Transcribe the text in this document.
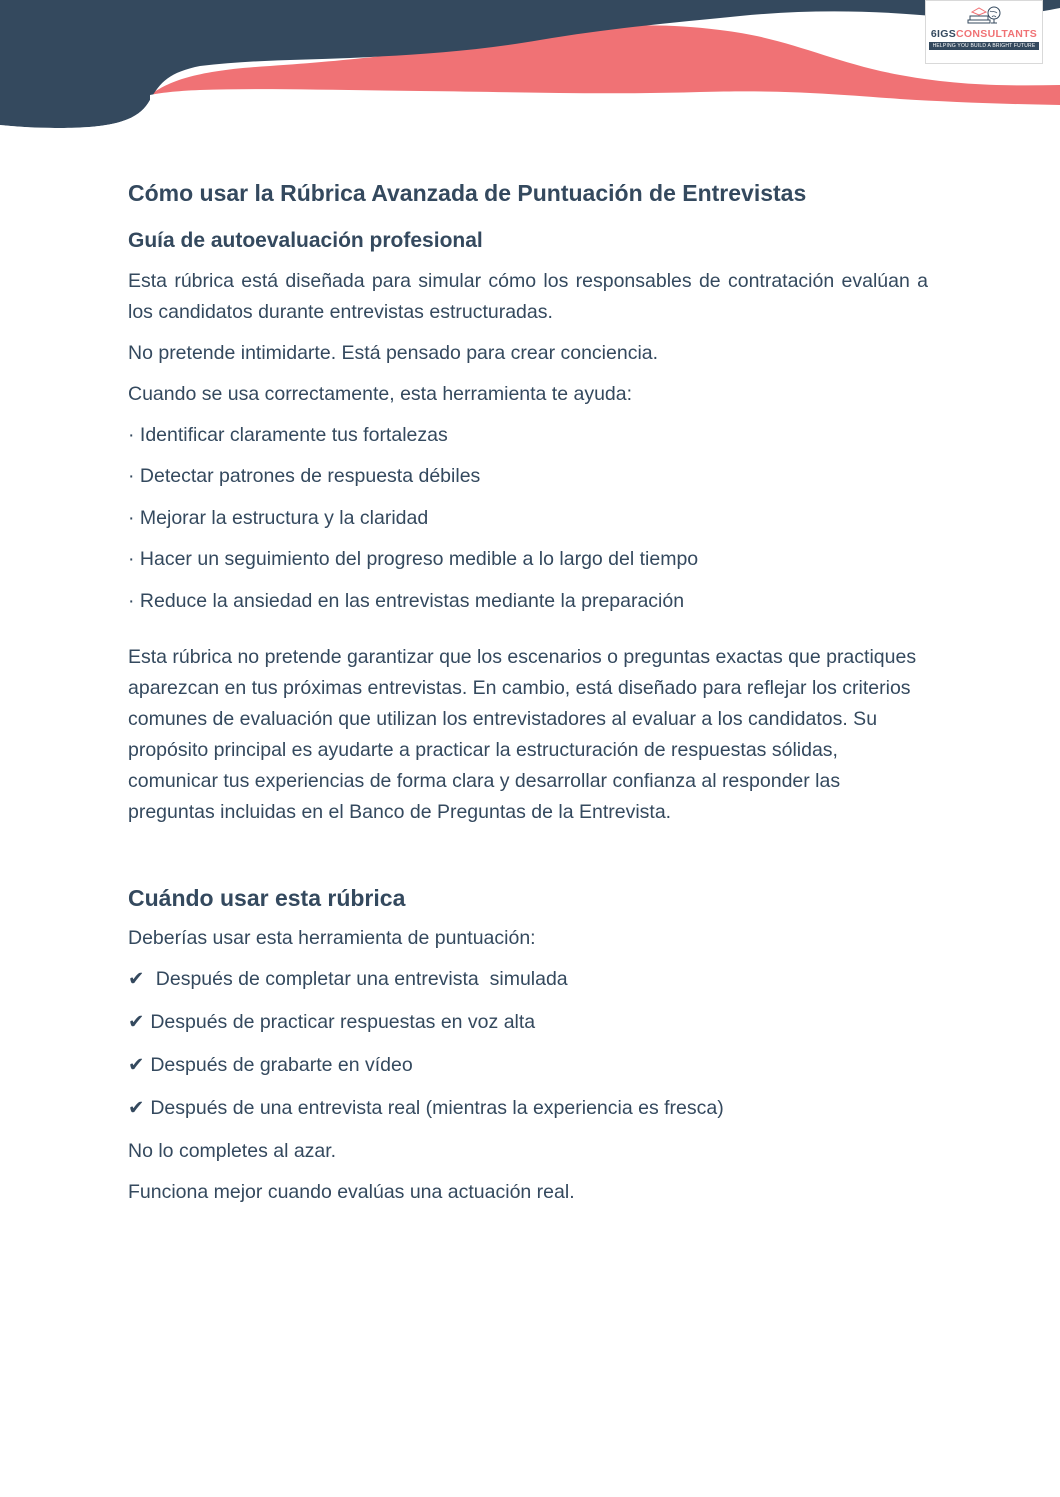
6IGSCONSULTANTS
HELPING YOU BUILD A BRIGHT FUTURE
Cómo usar la Rúbrica Avanzada de Puntuación de Entrevistas
Guía de autoevaluación profesional

Esta rúbrica está diseñada para simular cómo los responsables de contratación evalúan a los candidatos durante entrevistas estructuradas.

No pretende intimidarte. Está pensado para crear conciencia.

Cuando se usa correctamente, esta herramienta te ayuda:

· Identificar claramente tus fortalezas
· Detectar patrones de respuesta débiles
· Mejorar la estructura y la claridad
· Hacer un seguimiento del progreso medible a lo largo del tiempo
· Reduce la ansiedad en las entrevistas mediante la preparación

Esta rúbrica no pretende garantizar que los escenarios o preguntas exactas que practiques aparezcan en tus próximas entrevistas. En cambio, está diseñado para reflejar los criterios comunes de evaluación que utilizan los entrevistadores al evaluar a los candidatos. Su propósito principal es ayudarte a practicar la estructuración de respuestas sólidas, comunicar tus experiencias de forma clara y desarrollar confianza al responder las preguntas incluidas en el Banco de Preguntas de la Entrevista.

Cuándo usar esta rúbrica

Deberías usar esta herramienta de puntuación:

✔ Después de completar una entrevista  simulada
✔ Después de practicar respuestas en voz alta
✔ Después de grabarte en vídeo
✔ Después de una entrevista real (mientras la experiencia es fresca)

No lo completes al azar.

Funciona mejor cuando evalúas una actuación real.
